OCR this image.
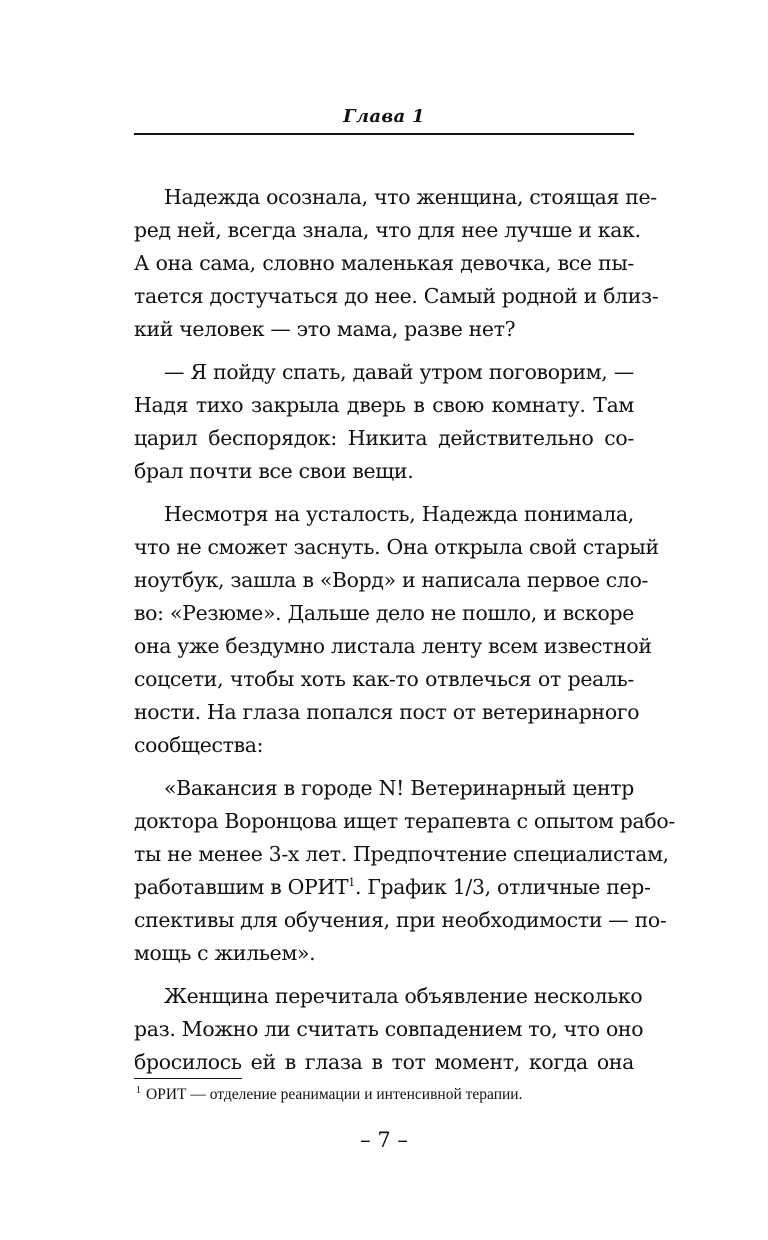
Глава 1

Надежда осознала, что женщина, стоящая пе-
ред ней, всегда знала, что для нее лучше и как.
А она сама, словно маленькая девочка, все пы-
тается достучаться до нее. Самый родной и близ-
кий человек — это мама, разве нет?

— Я пойду спать, давай утром поговорим, —
Надя тихо закрыла дверь в свою комнату. Там
царил беспорядок: Никита действительно со-
брал почти все свои вещи.

Несмотря на усталость, Надежда понимала,
что не сможет заснуть. Она открыла свой старый
ноутбук, зашла в «Ворд» и написала первое сло-
во: «Резюме». Дальше дело не пошло, и вскоре
она уже бездумно листала ленту всем известной
соцсети, чтобы хоть как-то отвлечься от реаль-
ности. На глаза попался пост от ветеринарного
сообщества:

«Вакансия в городе N! Ветеринарный центр
доктора Воронцова ищет терапевта с опытом рабо-
ты не менее 3-х лет. Предпочтение специалистам,
работавшим в ОРИТ$^1$. График 1/3, отличные пер-
спективы для обучения, при необходимости — по-
мощь с жильем».

Женщина перечитала объявление несколько
раз. Можно ли считать совпадением то, что оно
бросилось ей в глаза в тот момент, когда она

$^1$ ОРИТ — отделение реанимации и интенсивной терапии.
– 7 –
